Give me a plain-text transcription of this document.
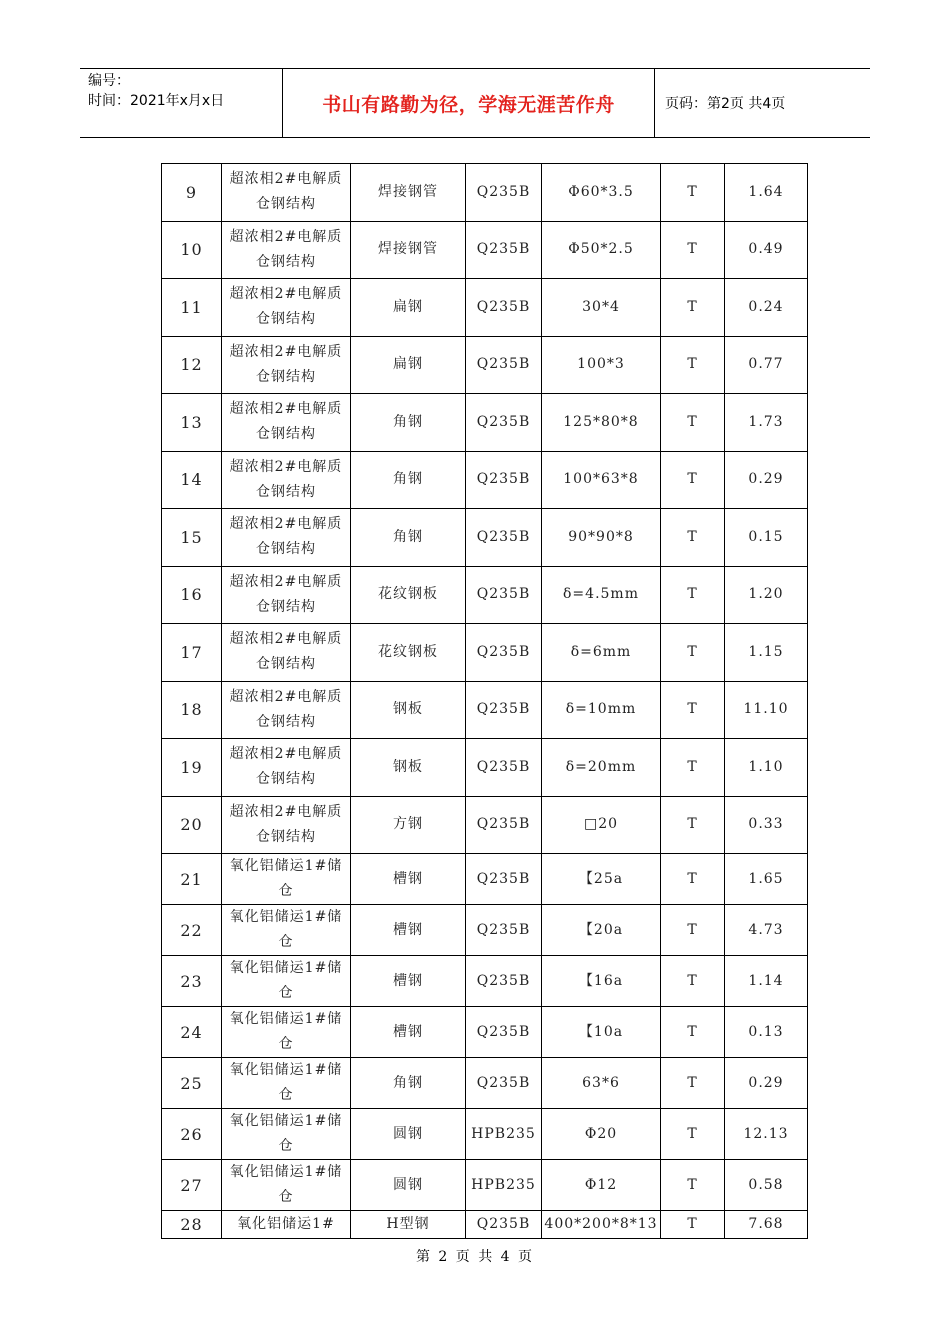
编号：
时间：2021年x月x日	书山有路勤为径，学海无涯苦作舟	页码：第2页 共4页
9	超浓相2#电解质仓钢结构	焊接钢管	Q235B	Φ60*3.5	T	1.64
10	超浓相2#电解质仓钢结构	焊接钢管	Q235B	Φ50*2.5	T	0.49
11	超浓相2#电解质仓钢结构	扁钢	Q235B	30*4	T	0.24
12	超浓相2#电解质仓钢结构	扁钢	Q235B	100*3	T	0.77
13	超浓相2#电解质仓钢结构	角钢	Q235B	125*80*8	T	1.73
14	超浓相2#电解质仓钢结构	角钢	Q235B	100*63*8	T	0.29
15	超浓相2#电解质仓钢结构	角钢	Q235B	90*90*8	T	0.15
16	超浓相2#电解质仓钢结构	花纹钢板	Q235B	δ=4.5mm	T	1.20
17	超浓相2#电解质仓钢结构	花纹钢板	Q235B	δ=6mm	T	1.15
18	超浓相2#电解质仓钢结构	钢板	Q235B	δ=10mm	T	11.10
19	超浓相2#电解质仓钢结构	钢板	Q235B	δ=20mm	T	1.10
20	超浓相2#电解质仓钢结构	方钢	Q235B	□20	T	0.33
21	氧化铝储运1#储仓	槽钢	Q235B	【25a	T	1.65
22	氧化铝储运1#储仓	槽钢	Q235B	【20a	T	4.73
23	氧化铝储运1#储仓	槽钢	Q235B	【16a	T	1.14
24	氧化铝储运1#储仓	槽钢	Q235B	【10a	T	0.13
25	氧化铝储运1#储仓	角钢	Q235B	63*6	T	0.29
26	氧化铝储运1#储仓	圆钢	HPB235	Φ20	T	12.13
27	氧化铝储运1#储仓	圆钢	HPB235	Φ12	T	0.58
28	氧化铝储运1#	H型钢	Q235B	400*200*8*13	T	7.68
第 2 页 共 4 页
